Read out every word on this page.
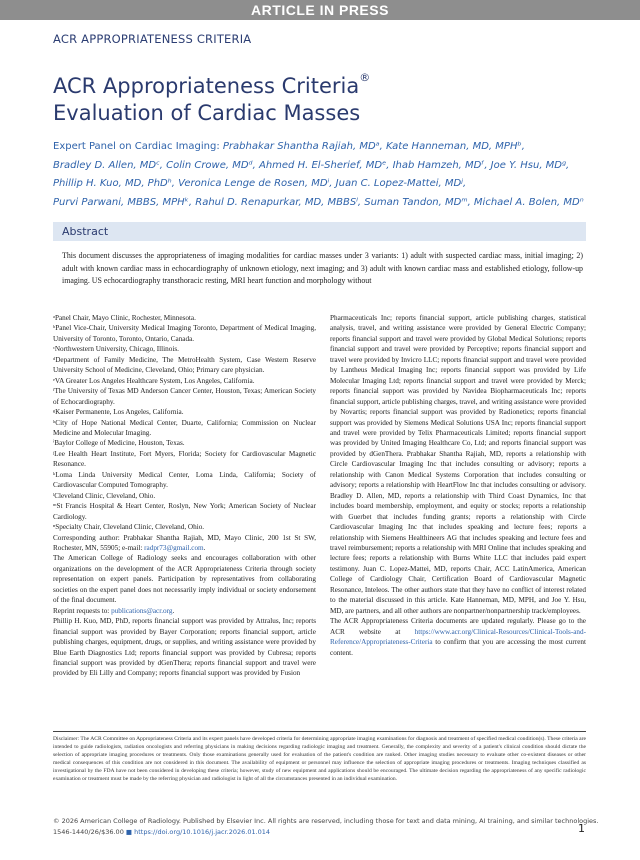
ARTICLE IN PRESS
ACR APPROPRIATENESS CRITERIA
ACR Appropriateness Criteria®
Evaluation of Cardiac Masses
Expert Panel on Cardiac Imaging: Prabhakar Shantha Rajiah, MDᵃ, Kate Hanneman, MD, MPHᵇ,
Bradley D. Allen, MDᶜ, Colin Crowe, MDᵈ, Ahmed H. El-Sherief, MDᵉ, Ihab Hamzeh, MDᶠ, Joe Y. Hsu, MDᵍ,
Phillip H. Kuo, MD, PhDʰ, Veronica Lenge de Rosen, MDⁱ, Juan C. Lopez-Mattei, MDʲ,
Purvi Parwani, MBBS, MPHᵏ, Rahul D. Renapurkar, MD, MBBSˡ, Suman Tandon, MDᵐ, Michael A. Bolen, MDⁿ
Abstract
This document discusses the appropriateness of imaging modalities for cardiac masses under 3 variants: 1) adult with suspected cardiac mass, initial imaging; 2) adult with known cardiac mass in echocardiography of unknown etiology, next imaging; and 3) adult with known cardiac mass and established etiology, follow-up imaging. US echocardiography transthoracic resting, MRI heart function and morphology without

ᵃPanel Chair, Mayo Clinic, Rochester, Minnesota.

ᵇPanel Vice-Chair, University Medical Imaging Toronto, Department of Medical Imaging, University of Toronto, Toronto, Ontario, Canada.

ᶜNorthwestern University, Chicago, Illinois.

ᵈDepartment of Family Medicine, The MetroHealth System, Case Western Reserve University School of Medicine, Cleveland, Ohio; Primary care physician.

ᵉVA Greater Los Angeles Healthcare System, Los Angeles, California.

ᶠThe University of Texas MD Anderson Cancer Center, Houston, Texas; American Society of Echocardiography.

ᵍKaiser Permanente, Los Angeles, California.

ʰCity of Hope National Medical Center, Duarte, California; Commission on Nuclear Medicine and Molecular Imaging.

ⁱBaylor College of Medicine, Houston, Texas.

ʲLee Health Heart Institute, Fort Myers, Florida; Society for Cardiovascular Magnetic Resonance.

ᵏLoma Linda University Medical Center, Loma Linda, California; Society of Cardiovascular Computed Tomography.

ˡCleveland Clinic, Cleveland, Ohio.

ᵐSt Francis Hospital & Heart Center, Roslyn, New York; American Society of Nuclear Cardiology.

ⁿSpecialty Chair, Cleveland Clinic, Cleveland, Ohio.

Corresponding author: Prabhakar Shantha Rajiah, MD, Mayo Clinic, 200 1st St SW, Rochester, MN, 55905; e-mail: radpr73@gmail.com.

The American College of Radiology seeks and encourages collaboration with other organizations on the development of the ACR Appropriateness Criteria through society representation on expert panels. Participation by representatives from collaborating societies on the expert panel does not necessarily imply individual or society endorsement of the final document.

Reprint requests to: publications@acr.org.

Phillip H. Kuo, MD, PhD, reports financial support was provided by Attralus, Inc; reports financial support was provided by Bayer Corporation; reports financial support, article publishing charges, equipment, drugs, or supplies, and writing assistance were provided by Blue Earth Diagnostics Ltd; reports financial support was provided by Cubresa; reports financial support was provided by dGenThera; reports financial support and travel were provided by Eli Lilly and Company; reports financial support was provided by Fusion

Pharmaceuticals Inc; reports financial support, article publishing charges, statistical analysis, travel, and writing assistance were provided by General Electric Company; reports financial support and travel were provided by Global Medical Solutions; reports financial support and travel were provided by Perceptive; reports financial support and travel were provided by Invicro LLC; reports financial support and travel were provided by Lantheus Medical Imaging Inc; reports financial support was provided by Life Molecular Imaging Ltd; reports financial support and travel were provided by Merck; reports financial support was provided by Navidea Biopharmaceuticals Inc; reports financial support, article publishing charges, travel, and writing assistance were provided by Novartis; reports financial support was provided by Radionetics; reports financial support was provided by Siemens Medical Solutions USA Inc; reports financial support and travel were provided by Telix Pharmaceuticals Limited; reports financial support was provided by United Imaging Healthcare Co, Ltd; and reports financial support was provided by dGenThera. Prabhakar Shantha Rajiah, MD, reports a relationship with Circle Cardiovascular Imaging Inc that includes consulting or advisory; reports a relationship with Canon Medical Systems Corporation that includes consulting or advisory; reports a relationship with HeartFlow Inc that includes consulting or advisory. Bradley D. Allen, MD, reports a relationship with Third Coast Dynamics, Inc that includes board membership, employment, and equity or stocks; reports a relationship with Guerbet that includes funding grants; reports a relationship with Circle Cardiovascular Imaging Inc that includes speaking and lecture fees; reports a relationship with Siemens Healthineers AG that includes speaking and lecture fees and travel reimbursement; reports a relationship with MRI Online that includes speaking and lecture fees; reports a relationship with Burns White LLC that includes paid expert testimony. Juan C. Lopez-Mattei, MD, reports Chair, ACC LatinAmerica, American College of Cardiology Chair, Certification Board of Cardiovascular Magnetic Resonance, Inteleos. The other authors state that they have no conflict of interest related to the material discussed in this article. Kate Hanneman, MD, MPH, and Joe Y. Hsu, MD, are partners, and all other authors are nonpartner/nonpartnership track/employees.

The ACR Appropriateness Criteria documents are updated regularly. Please go to the ACR website at https://www.acr.org/Clinical-Resources/Clinical-Tools-and-Reference/Appropriateness-Criteria to confirm that you are accessing the most current content.

Disclaimer: The ACR Committee on Appropriateness Criteria and its expert panels have developed criteria for determining appropriate imaging examinations for diagnosis and treatment of specified medical condition(s). These criteria are intended to guide radiologists, radiation oncologists and referring physicians in making decisions regarding radiologic imaging and treatment. Generally, the complexity and severity of a patient's clinical condition should dictate the selection of appropriate imaging procedures or treatments. Only those examinations generally used for evaluation of the patient's condition are ranked. Other imaging studies necessary to evaluate other co-existent diseases or other medical consequences of this condition are not considered in this document. The availability of equipment or personnel may influence the selection of appropriate imaging procedures or treatments. Imaging techniques classified as investigational by the FDA have not been considered in developing these criteria; however, study of new equipment and applications should be encouraged. The ultimate decision regarding the appropriateness of any specific radiologic examination or treatment must be made by the referring physician and radiologist in light of all the circumstances presented in an individual examination.
© 2026 American College of Radiology. Published by Elsevier Inc. All rights are reserved, including those for text and data mining, AI training, and similar technologies.
1546-1440/26/$36.00 ■ https://doi.org/10.1016/j.jacr.2026.01.014	1
